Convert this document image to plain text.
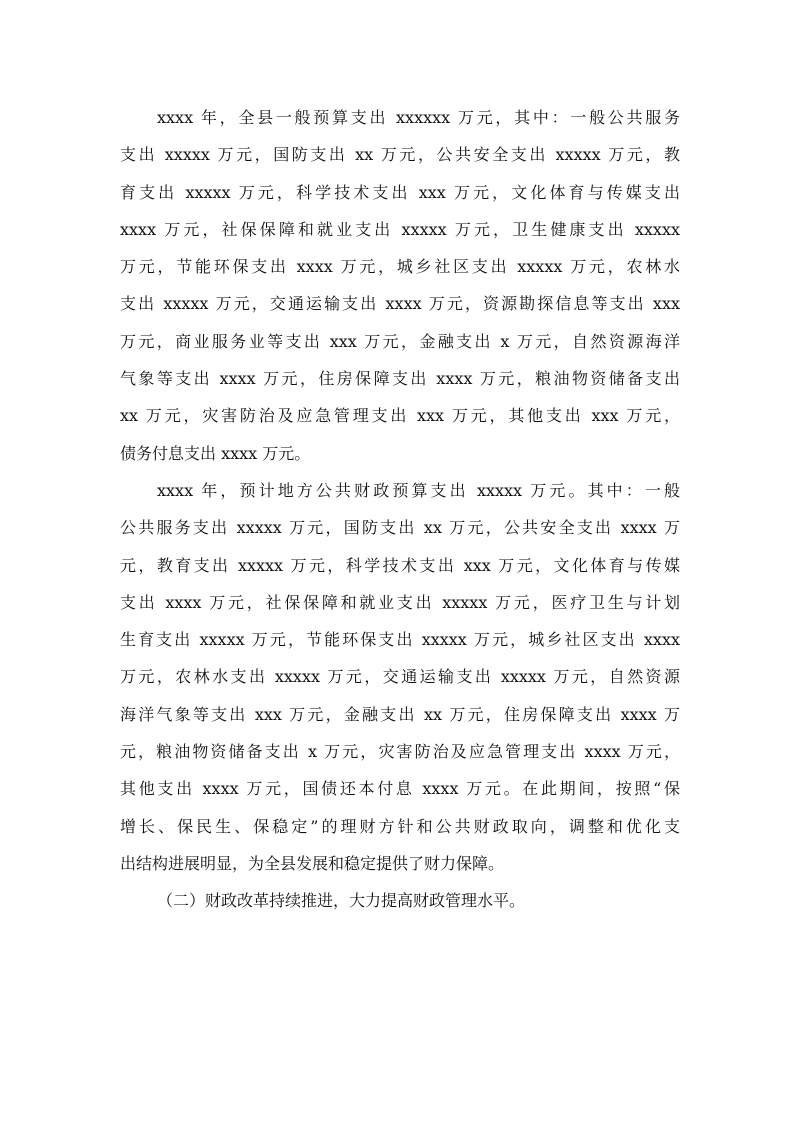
xxxx 年，全县一般预算支出 xxxxxx 万元，其中：一般公共服务
支出 xxxxx 万元，国防支出 xx 万元，公共安全支出 xxxxx 万元，教
育支出 xxxxx 万元，科学技术支出 xxx 万元，文化体育与传媒支出
xxxx 万元，社保保障和就业支出 xxxxx 万元，卫生健康支出 xxxxx
万元，节能环保支出 xxxx 万元，城乡社区支出 xxxxx 万元，农林水
支出 xxxxx 万元，交通运输支出 xxxx 万元，资源勘探信息等支出 xxx
万元，商业服务业等支出 xxx 万元，金融支出 x 万元，自然资源海洋
气象等支出 xxxx 万元，住房保障支出 xxxx 万元，粮油物资储备支出
xx 万元，灾害防治及应急管理支出 xxx 万元，其他支出 xxx 万元，
债务付息支出 xxxx 万元。
xxxx 年，预计地方公共财政预算支出 xxxxx 万元。其中：一般
公共服务支出 xxxxx 万元，国防支出 xx 万元，公共安全支出 xxxx 万
元，教育支出 xxxxx 万元，科学技术支出 xxx 万元，文化体育与传媒
支出 xxxx 万元，社保保障和就业支出 xxxxx 万元，医疗卫生与计划
生育支出 xxxxx 万元，节能环保支出 xxxxx 万元，城乡社区支出 xxxx
万元，农林水支出 xxxxx 万元，交通运输支出 xxxxx 万元，自然资源
海洋气象等支出 xxx 万元，金融支出 xx 万元，住房保障支出 xxxx 万
元，粮油物资储备支出 x 万元，灾害防治及应急管理支出 xxxx 万元，
其他支出 xxxx 万元，国债还本付息 xxxx 万元。在此期间，按照“保
增长、保民生、保稳定”的理财方针和公共财政取向，调整和优化支
出结构进展明显，为全县发展和稳定提供了财力保障。
（二）财政改革持续推进，大力提高财政管理水平。
